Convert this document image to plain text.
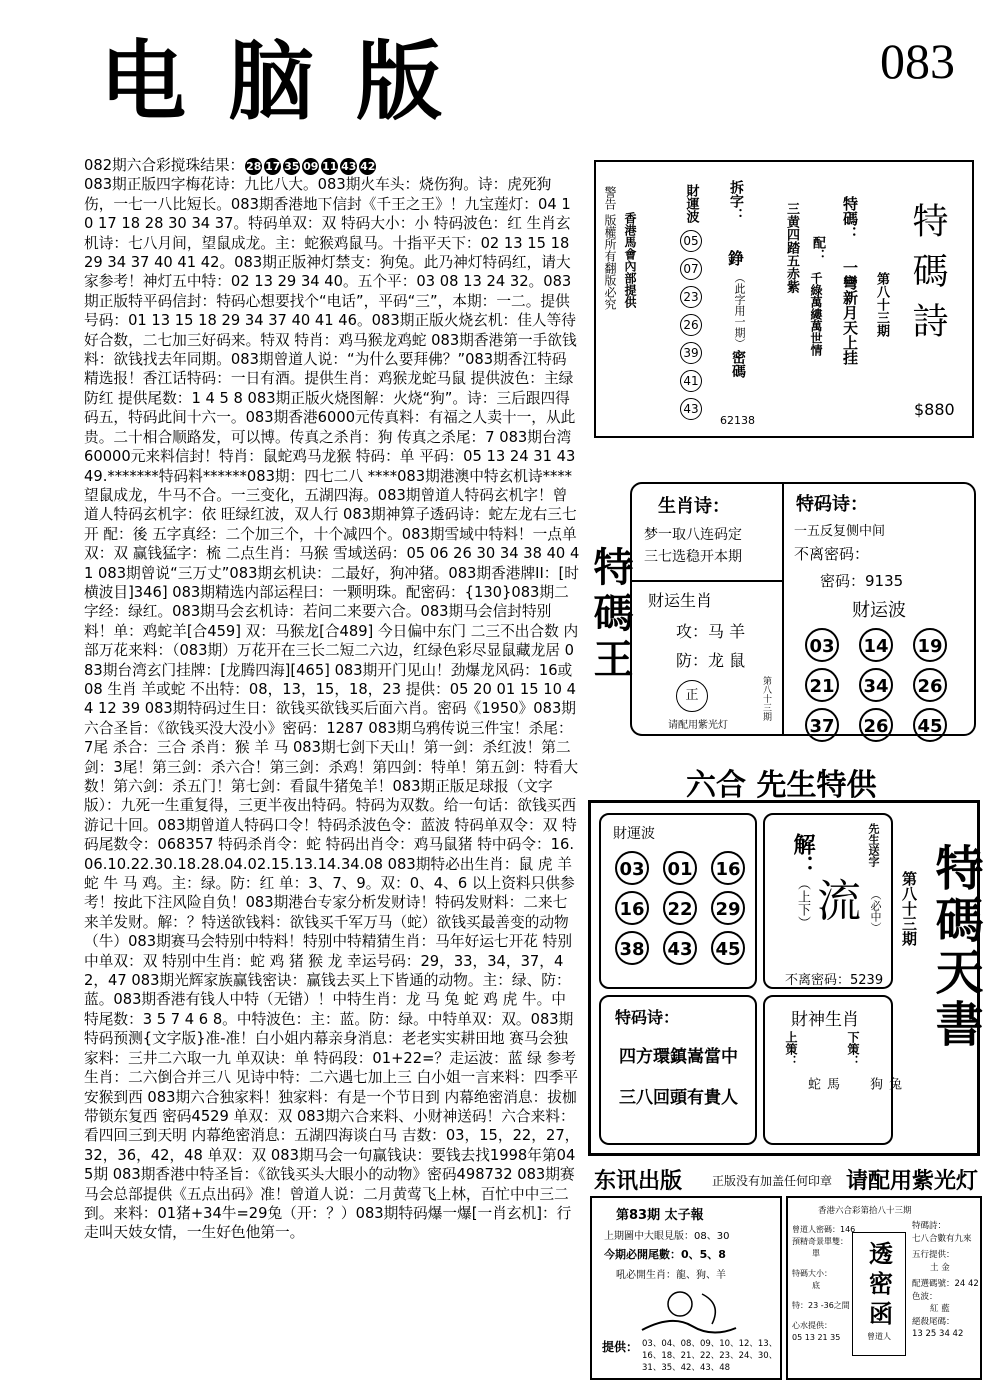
电脑版	083

082期六合彩搅珠结果： 28 17 35 09 11 43 42

083期正版四字梅花诗：九比八大。083期火车头：烧伤狗。诗：虎死狗伤，一七一八比短长。083期香港地下信封《千王之王》！九宝莲灯：04 10 17 18 28 30 34 37。特码单双：双 特码大小：小 特码波色：红 生肖玄机诗：七八月间，望鼠成龙。主：蛇猴鸡鼠马。十指平天下：02 13 15 18 29 34 37 40 41 42。083期正版神灯禁支：狗兔。此乃神灯特码红，请大家参考！神灯五中特：02 13 29 34 40。五个平：03 08 13 24 32。083期正版特平码信封：特码心想要找个“电话”，平码“三”，本期：一二。提供号码：01 13 15 18 29 34 37 40 41 46。083期正版火烧玄机：佳人等待好合数，二七加三好码来。特双 特肖：鸡马猴龙鸡蛇 083期香港第一手欲钱料：欲钱找去年同期。083期曾道人说：“为什么要拜佛？”083期香江特码精选报！香江话特码：一日有酒。提供生肖：鸡猴龙蛇马鼠 提供波色：主绿防红 提供尾数：1 4 5 8 083期正版火烧图解：火烧“狗”。诗：三后跟四得码五，特码此间十六一。083期香港6000元传真料：有福之人卖十一，从此贵。二十相合顺路发，可以博。传真之杀肖：狗 传真之杀尾：7 083期台湾60000元来料信封！特肖：鼠蛇鸡马龙猴 特码：单 平码：05 13 24 31 43 49.*******特码料******083期：四七二八 ****083期港澳中特玄机诗****望鼠成龙，牛马不合。一三变化，五湖四海。083期曾道人特码玄机字！曾道人特码玄机字：依 旺绿红波，双人行 083期神算子透码诗：蛇左龙右三七开 配：後 五字真经：二个加三个，十个减四个。083期雪域中特料！一点单双：双 赢钱猛字：梳 二点生肖：马猴 雪域送码：05 06 26 30 34 38 40 41 083期曾说“三万丈”083期玄机诀：二最好，狗冲猪。083期香港牌II：[时横波目]346] 083期精选内部运程曰：一颗明珠。配密码：{130}083期二字经：绿红。083期马会玄机诗：若问二来要六合。083期马会信封特别料！单：鸡蛇羊[合459] 双：马猴龙[合489] 今日偏中东门 二三不出合数 内部万花来料：（083期）万花开在三长二短二六边，红绿色彩尽显鼠藏龙居 083期台湾玄门挂牌：[龙腾四海][465] 083期开门见山！劲爆龙风码：16或08 生肖 羊或蛇 不出特：08，13，15，18，23 提供：05 20 01 15 10 44 12 39 083期特码过生日：欲钱买欲钱买后面六肖。密码《1950》083期六合圣旨：《欲钱买没大没小》密码：1287 083期乌鸦传说三件宝！杀尾：7尾 杀合：三合 杀肖：猴 羊 马 083期七剑下天山！第一剑：杀红波！第二剑：3尾！第三剑：杀六合！第三剑：杀鸡！第四剑：特单！第五剑：特看大数！第六剑：杀五门！第七剑：看鼠牛猪兔羊！083期正版足球报（文字版）：九死一生重复得，三更半夜出特码。特码为双数。给一句话：欲钱买西游记十回。083期曾道人特码口令！特码杀波色令：蓝波 特码单双令：双 特码尾数令：068357 特码杀肖令：蛇 特码出肖令：鸡马鼠猪 特中码令：16.06.10.22.30.18.28.04.02.15.13.14.34.08 083期特必出生肖：鼠 虎 羊 蛇 牛 马 鸡。主：绿。防：红 单：3、7、9。双：0、4、6 以上资料只供参考！按此下注风险自负！083期港台专家分析发财诗！特码发财料：二来七来羊发财。解：？特送欲钱料：欲钱买千军万马（蛇）欲钱买最善变的动物（牛）083期赛马会特别中特料！特别中特精猜生肖：马年好运七开花 特别中单双：双 特别中生肖：蛇 鸡 猪 猴 龙 幸运号码：29，33，34，37，42，47 083期光辉家族赢钱密诀：赢钱去买上下皆通的动物。主：绿、防：蓝。083期香港有钱人中特（无错）！中特生肖：龙 马 兔 蛇 鸡 虎 牛。中特尾数：3 5 7 4 6 8。中特波色：主：蓝。防：绿。中特单双：双。083期特码预测{文字版}准-准！白小姐内幕亲身消息：老老实实耕田地 赛马会独家料：三井二六取一九 单双诀：单 特码段：01+22=？走运波：蓝 绿 参考生肖：二六倒合并三八 见诗中特：二六遇七加上三 白小姐一言来料：四季平安猴到西 083期六合独家料！独家料：有是一个节日到 内幕绝密消息：拔枷带锁东复西 密码4529 单双：双 083期六合来料、小财神送码！六合来料：看四回三到天明 内幕绝密消息：五湖四海谈白马 吉数：03，15，22，27，32，36，42，48 单双：双 083期马会一句赢钱诀：要钱去找1998年第045期 083期香港中特圣旨：《欲钱买头大眼小的动物》密码498732 083期赛马会总部提供《五点出码》准！曾道人说：二月黄莺飞上林，百忙中中三二到。来料：01猪+34牛=29兔（开：？）083期特码爆一爆[一肖玄机]：行走叫天妓女情，一生好色他第一。

警告 版權所有翻版必究 香港馬會內部提供
財運波
05
07
23
26
39
41
43
拆字：
錚
（此字用一期）
密碼
62138
三黄四踏五赤紫 配：
千綠萬縷萬世情
特碼：
一彎新月天上挂 第八十三期 特碼詩
$880
特碼王
生肖诗：
梦一取八连码定
三七选稳开本期
财运生肖
攻：马 羊
防：龙 鼠
正	第八十三期
请配用紫光灯
特码诗：
一五反复侧中间
不离密码：
密码：9135
财运波
03 14 19
21 34 26
37 26 45
六合 先生特供
財運波
03 01 16
16 22 29
38 43 45
解：
（上下） 流
先生送字
（必中）
不离密码：5239
特码诗：
四方環鎮嵩當中
三八回頭有貴人
財神生肖
上策：
馬 蛇
下策：
兔 狗
第八十三期 特碼天書
东讯出版 正版没有加盖任何印章 请配用紫光灯
第83期 太子報
上期圖中大眼見版：08、30
今期必開尾數：0、5、8
吼必開生肖：龍、狗、羊
提供： 03、04、08、09、10、12、13、16、18、21、22、23、24、30、31、35、42、43、48
香港六合彩第拾八十三期
曾道人密碼：146
預精奇景單雙：
單
特碼大小：
底
特：23 -36之間
心水提供：
05 13 21 35
透密函
曾道人
特碼詩：
七八合數有九來
五行提供：
土 金
配選碼號：24 42
色波：
紅 藍
絕殺尾碼：
13 25 34 42
